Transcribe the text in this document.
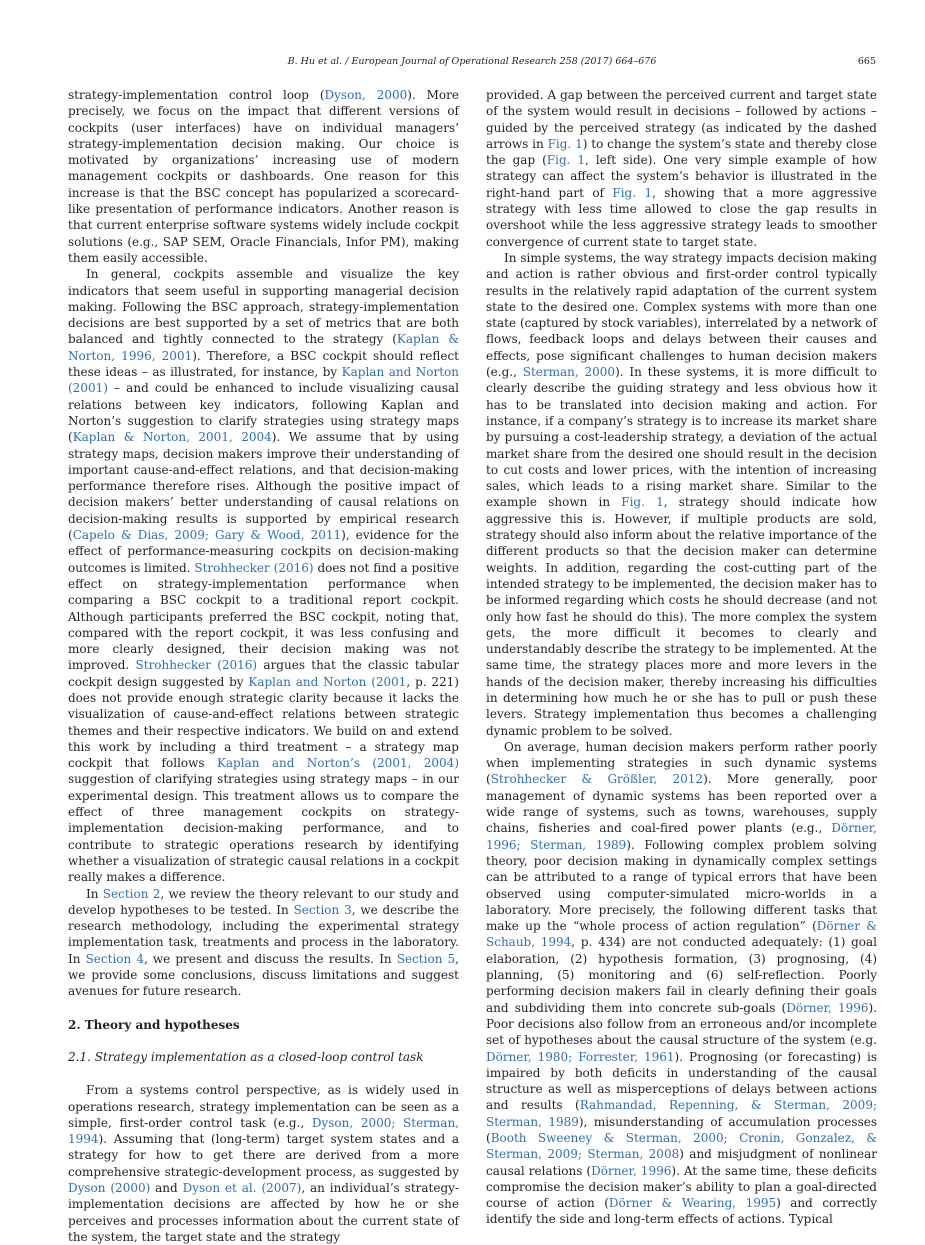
B. Hu et al. / European Journal of Operational Research 258 (2017) 664–676	665

strategy-implementation control loop (Dyson, 2000). More precisely, we focus on the impact that different versions of cockpits (user interfaces) have on individual managers’ strategy-implementation decision making. Our choice is motivated by organizations’ increasing use of modern management cockpits or dashboards. One reason for this increase is that the BSC concept has popularized a scorecard-like presentation of performance indicators. Another reason is that current enterprise software systems widely include cockpit solutions (e.g., SAP SEM, Oracle Financials, Infor PM), making them easily accessible.

In general, cockpits assemble and visualize the key indicators that seem useful in supporting managerial decision making. Following the BSC approach, strategy-implementation decisions are best supported by a set of metrics that are both balanced and tightly connected to the strategy (Kaplan & Norton, 1996, 2001). Therefore, a BSC cockpit should reflect these ideas – as illustrated, for instance, by Kaplan and Norton (2001) – and could be enhanced to include visualizing causal relations between key indicators, following Kaplan and Norton’s suggestion to clarify strategies using strategy maps (Kaplan & Norton, 2001, 2004). We assume that by using strategy maps, decision makers improve their understanding of important cause-and-effect relations, and that decision-making performance therefore rises. Although the positive impact of decision makers’ better understanding of causal relations on decision-making results is supported by empirical research (Capelo & Dias, 2009; Gary & Wood, 2011), evidence for the effect of performance-measuring cockpits on decision-making outcomes is limited. Strohhecker (2016) does not find a positive effect on strategy-implementation performance when comparing a BSC cockpit to a traditional report cockpit. Although participants preferred the BSC cockpit, noting that, compared with the report cockpit, it was less confusing and more clearly designed, their decision making was not improved. Strohhecker (2016) argues that the classic tabular cockpit design suggested by Kaplan and Norton (2001, p. 221) does not provide enough strategic clarity because it lacks the visualization of cause-and-effect relations between strategic themes and their respective indicators. We build on and extend this work by including a third treatment – a strategy map cockpit that follows Kaplan and Norton’s (2001, 2004) suggestion of clarifying strategies using strategy maps – in our experimental design. This treatment allows us to compare the effect of three management cockpits on strategy-implementation decision-making performance, and to contribute to strategic operations research by identifying whether a visualization of strategic causal relations in a cockpit really makes a difference.

In Section 2, we review the theory relevant to our study and develop hypotheses to be tested. In Section 3, we describe the research methodology, including the experimental strategy implementation task, treatments and process in the laboratory. In Section 4, we present and discuss the results. In Section 5, we provide some conclusions, discuss limitations and suggest avenues for future research.

2. Theory and hypotheses
2.1. Strategy implementation as a closed-loop control task

From a systems control perspective, as is widely used in operations research, strategy implementation can be seen as a simple, first-order control task (e.g., Dyson, 2000; Sterman, 1994). Assuming that (long-term) target system states and a strategy for how to get there are derived from a more comprehensive strategic-development process, as suggested by Dyson (2000) and Dyson et al. (2007), an individual’s strategy-implementation decisions are affected by how he or she perceives and processes information about the current state of the system, the target state and the strategy

provided. A gap between the perceived current and target state of the system would result in decisions – followed by actions – guided by the perceived strategy (as indicated by the dashed arrows in Fig. 1) to change the system’s state and thereby close the gap (Fig. 1, left side). One very simple example of how strategy can affect the system’s behavior is illustrated in the right-hand part of Fig. 1, showing that a more aggressive strategy with less time allowed to close the gap results in overshoot while the less aggressive strategy leads to smoother convergence of current state to target state.

In simple systems, the way strategy impacts decision making and action is rather obvious and first-order control typically results in the relatively rapid adaptation of the current system state to the desired one. Complex systems with more than one state (captured by stock variables), interrelated by a network of flows, feedback loops and delays between their causes and effects, pose significant challenges to human decision makers (e.g., Sterman, 2000). In these systems, it is more difficult to clearly describe the guiding strategy and less obvious how it has to be translated into decision making and action. For instance, if a company’s strategy is to increase its market share by pursuing a cost-leadership strategy, a deviation of the actual market share from the desired one should result in the decision to cut costs and lower prices, with the intention of increasing sales, which leads to a rising market share. Similar to the example shown in Fig. 1, strategy should indicate how aggressive this is. However, if multiple products are sold, strategy should also inform about the relative importance of the different products so that the decision maker can determine weights. In addition, regarding the cost-cutting part of the intended strategy to be implemented, the decision maker has to be informed regarding which costs he should decrease (and not only how fast he should do this). The more complex the system gets, the more difficult it becomes to clearly and understandably describe the strategy to be implemented. At the same time, the strategy places more and more levers in the hands of the decision maker, thereby increasing his difficulties in determining how much he or she has to pull or push these levers. Strategy implementation thus becomes a challenging dynamic problem to be solved.

On average, human decision makers perform rather poorly when implementing strategies in such dynamic systems (Strohhecker & Größler, 2012). More generally, poor management of dynamic systems has been reported over a wide range of systems, such as towns, warehouses, supply chains, fisheries and coal-fired power plants (e.g., Dörner, 1996; Sterman, 1989). Following complex problem solving theory, poor decision making in dynamically complex settings can be attributed to a range of typical errors that have been observed using computer-simulated micro-worlds in a laboratory. More precisely, the following different tasks that make up the “whole process of action regulation” (Dörner & Schaub, 1994, p. 434) are not conducted adequately: (1) goal elaboration, (2) hypothesis formation, (3) prognosing, (4) planning, (5) monitoring and (6) self-reflection. Poorly performing decision makers fail in clearly defining their goals and subdividing them into concrete sub-goals (Dörner, 1996). Poor decisions also follow from an erroneous and/or incomplete set of hypotheses about the causal structure of the system (e.g. Dörner, 1980; Forrester, 1961). Prognosing (or forecasting) is impaired by both deficits in understanding of the causal structure as well as misperceptions of delays between actions and results (Rahmandad, Repenning, & Sterman, 2009; Sterman, 1989), misunderstanding of accumulation processes (Booth Sweeney & Sterman, 2000; Cronin, Gonzalez, & Sterman, 2009; Sterman, 2008) and misjudgment of nonlinear causal relations (Dörner, 1996). At the same time, these deficits compromise the decision maker’s ability to plan a goal-directed course of action (Dörner & Wearing, 1995) and correctly identify the side and long-term effects of actions. Typical
